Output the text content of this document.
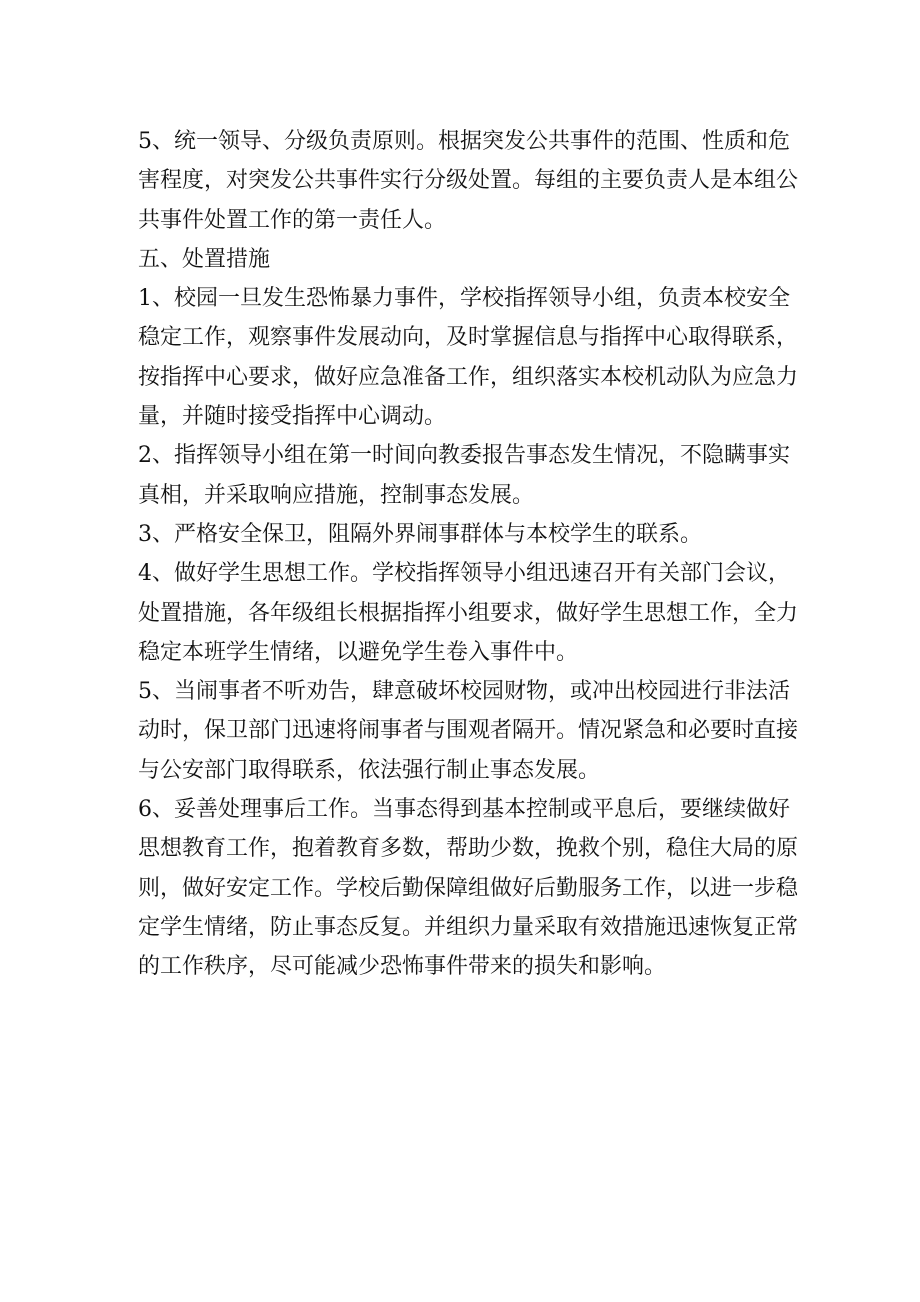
5、统一领导、分级负责原则。根据突发公共事件的范围、性质和危
害程度，对突发公共事件实行分级处置。每组的主要负责人是本组公
共事件处置工作的第一责任人。

五、处置措施

1、校园一旦发生恐怖暴力事件，学校指挥领导小组，负责本校安全
稳定工作，观察事件发展动向，及时掌握信息与指挥中心取得联系，
按指挥中心要求，做好应急准备工作，组织落实本校机动队为应急力
量，并随时接受指挥中心调动。

2、指挥领导小组在第一时间向教委报告事态发生情况，不隐瞒事实
真相，并采取响应措施，控制事态发展。

3、严格安全保卫，阻隔外界闹事群体与本校学生的联系。

4、做好学生思想工作。学校指挥领导小组迅速召开有关部门会议，
处置措施，各年级组长根据指挥小组要求，做好学生思想工作，全力
稳定本班学生情绪，以避免学生卷入事件中。

5、当闹事者不听劝告，肆意破坏校园财物，或冲出校园进行非法活
动时，保卫部门迅速将闹事者与围观者隔开。情况紧急和必要时直接
与公安部门取得联系，依法强行制止事态发展。

6、妥善处理事后工作。当事态得到基本控制或平息后，要继续做好
思想教育工作，抱着教育多数，帮助少数，挽救个别，稳住大局的原
则，做好安定工作。学校后勤保障组做好后勤服务工作，以进一步稳
定学生情绪，防止事态反复。并组织力量采取有效措施迅速恢复正常
的工作秩序，尽可能减少恐怖事件带来的损失和影响。
